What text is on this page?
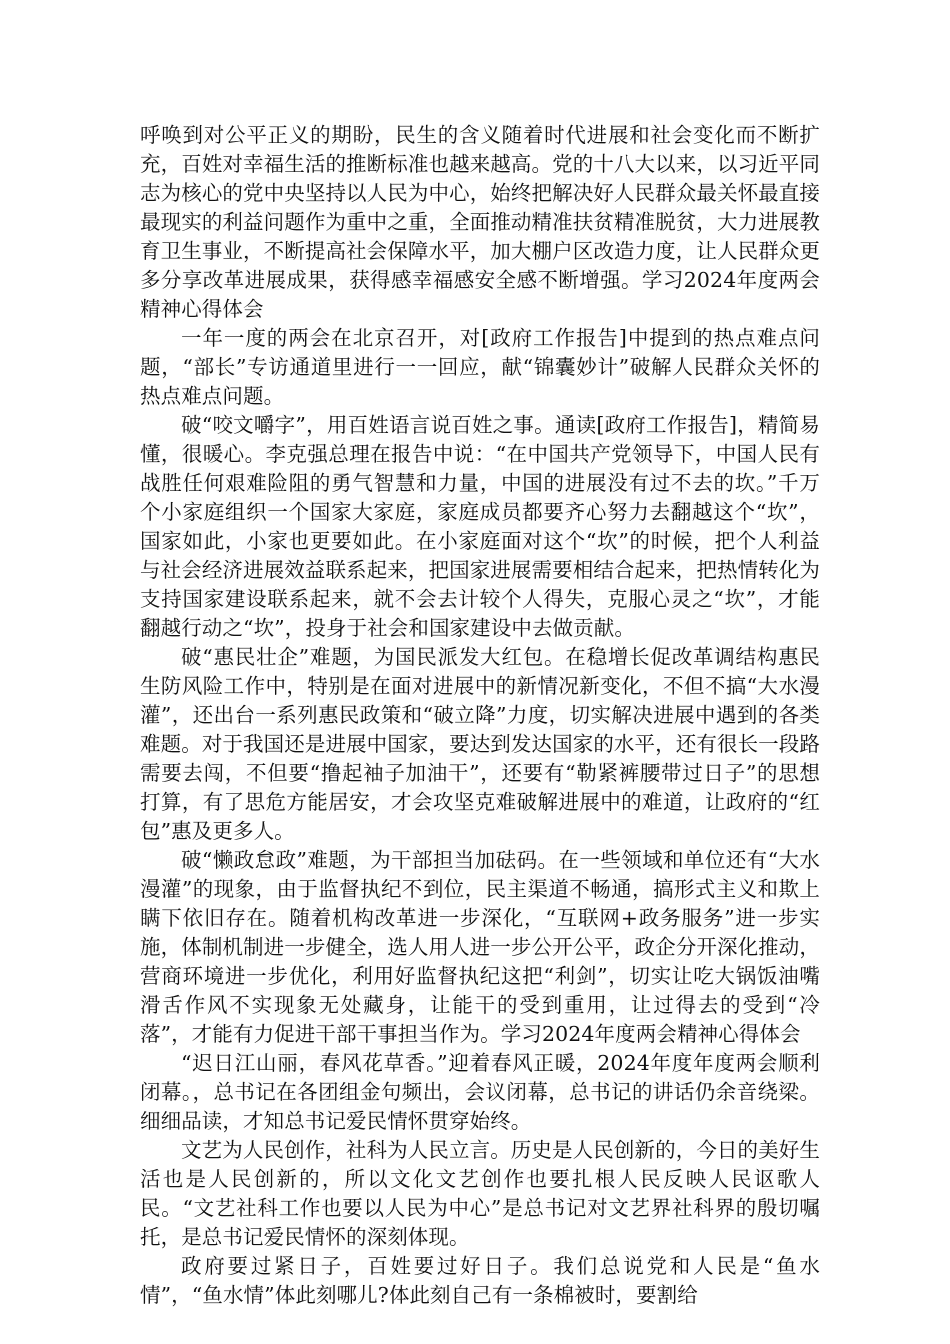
呼唤到对公平正义的期盼，民生的含义随着时代进展和社会变化而不断扩充，百姓对幸福生活的推断标准也越来越高。党的十八大以来，以习近平同志为核心的党中央坚持以人民为中心，始终把解决好人民群众最关怀最直接最现实的利益问题作为重中之重，全面推动精准扶贫精准脱贫，大力进展教育卫生事业，不断提高社会保障水平，加大棚户区改造力度，让人民群众更多分享改革进展成果，获得感幸福感安全感不断增强。学习2024年度两会精神心得体会

一年一度的两会在北京召开，对[政府工作报告]中提到的热点难点问题，“部长”专访通道里进行一一回应，献“锦囊妙计”破解人民群众关怀的热点难点问题。

破“咬文嚼字”，用百姓语言说百姓之事。通读[政府工作报告]，精简易懂，很暖心。李克强总理在报告中说：“在中国共产党领导下，中国人民有战胜任何艰难险阻的勇气智慧和力量，中国的进展没有过不去的坎。”千万个小家庭组织一个国家大家庭，家庭成员都要齐心努力去翻越这个“坎”，国家如此，小家也更要如此。在小家庭面对这个“坎”的时候，把个人利益与社会经济进展效益联系起来，把国家进展需要相结合起来，把热情转化为支持国家建设联系起来，就不会去计较个人得失，克服心灵之“坎”，才能翻越行动之“坎”，投身于社会和国家建设中去做贡献。

破“惠民壮企”难题，为国民派发大红包。在稳增长促改革调结构惠民生防风险工作中，特别是在面对进展中的新情况新变化，不但不搞“大水漫灌”，还出台一系列惠民政策和“破立降”力度，切实解决进展中遇到的各类难题。对于我国还是进展中国家，要达到发达国家的水平，还有很长一段路需要去闯，不但要“撸起袖子加油干”，还要有“勒紧裤腰带过日子”的思想打算，有了思危方能居安，才会攻坚克难破解进展中的难道，让政府的“红包”惠及更多人。

破“懒政怠政”难题，为干部担当加砝码。在一些领域和单位还有“大水漫灌”的现象，由于监督执纪不到位，民主渠道不畅通，搞形式主义和欺上瞒下依旧存在。随着机构改革进一步深化，“互联网+政务服务”进一步实施，体制机制进一步健全，选人用人进一步公开公平，政企分开深化推动，营商环境进一步优化，利用好监督执纪这把“利剑”，切实让吃大锅饭油嘴滑舌作风不实现象无处藏身，让能干的受到重用，让过得去的受到“冷落”，才能有力促进干部干事担当作为。学习2024年度两会精神心得体会

“迟日江山丽，春风花草香。”迎着春风正暖，2024年度年度两会顺利闭幕。，总书记在各团组金句频出，会议闭幕，总书记的讲话仍余音绕梁。细细品读，才知总书记爱民情怀贯穿始终。

文艺为人民创作，社科为人民立言。历史是人民创新的，今日的美好生活也是人民创新的，所以文化文艺创作也要扎根人民反映人民讴歌人民。“文艺社科工作也要以人民为中心”是总书记对文艺界社科界的殷切嘱托，是总书记爱民情怀的深刻体现。

政府要过紧日子，百姓要过好日子。我们总说党和人民是“鱼水情”，“鱼水情”体此刻哪儿?体此刻自己有一条棉被时，要割给
